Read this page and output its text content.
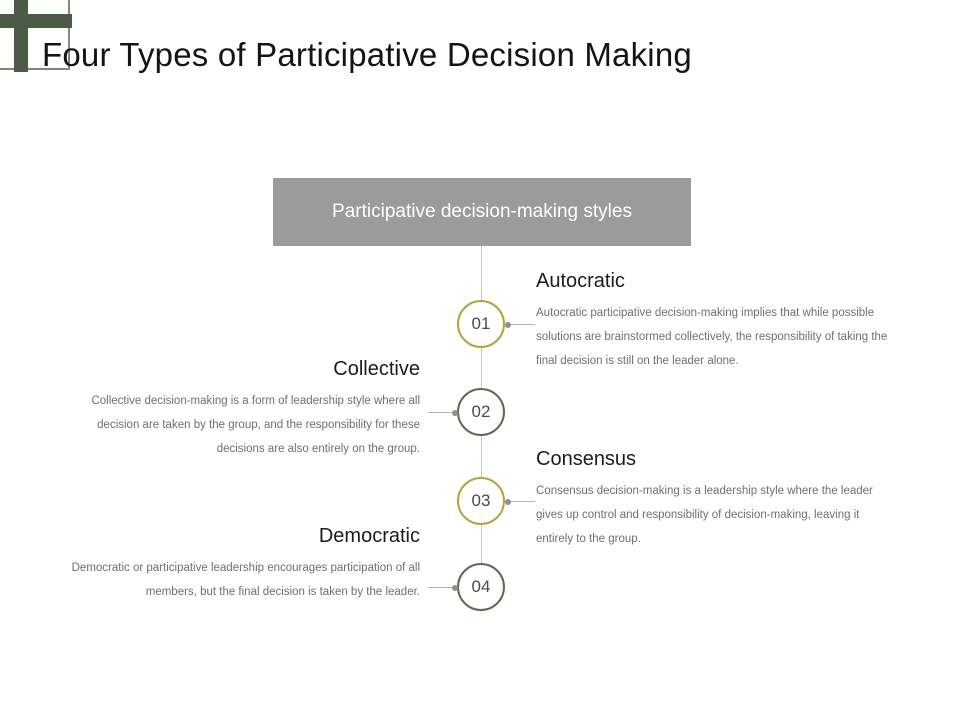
Four Types of Participative Decision Making
Participative decision-making styles
01
02
03
04
Autocratic

Autocratic participative decision-making implies that while possible solutions are brainstormed collectively, the responsibility of taking the final decision is still on the leader alone.

Collective

Collective decision-making is a form of leadership style where all decision are taken by the group, and the responsibility for these decisions are also entirely on the group.	Consensus

Consensus decision-making is a leadership style where the leader gives up control and responsibility of decision-making, leaving it entirely to the group.

Democratic

Democratic or participative leadership encourages participation of all members, but the final decision is taken by the leader.
